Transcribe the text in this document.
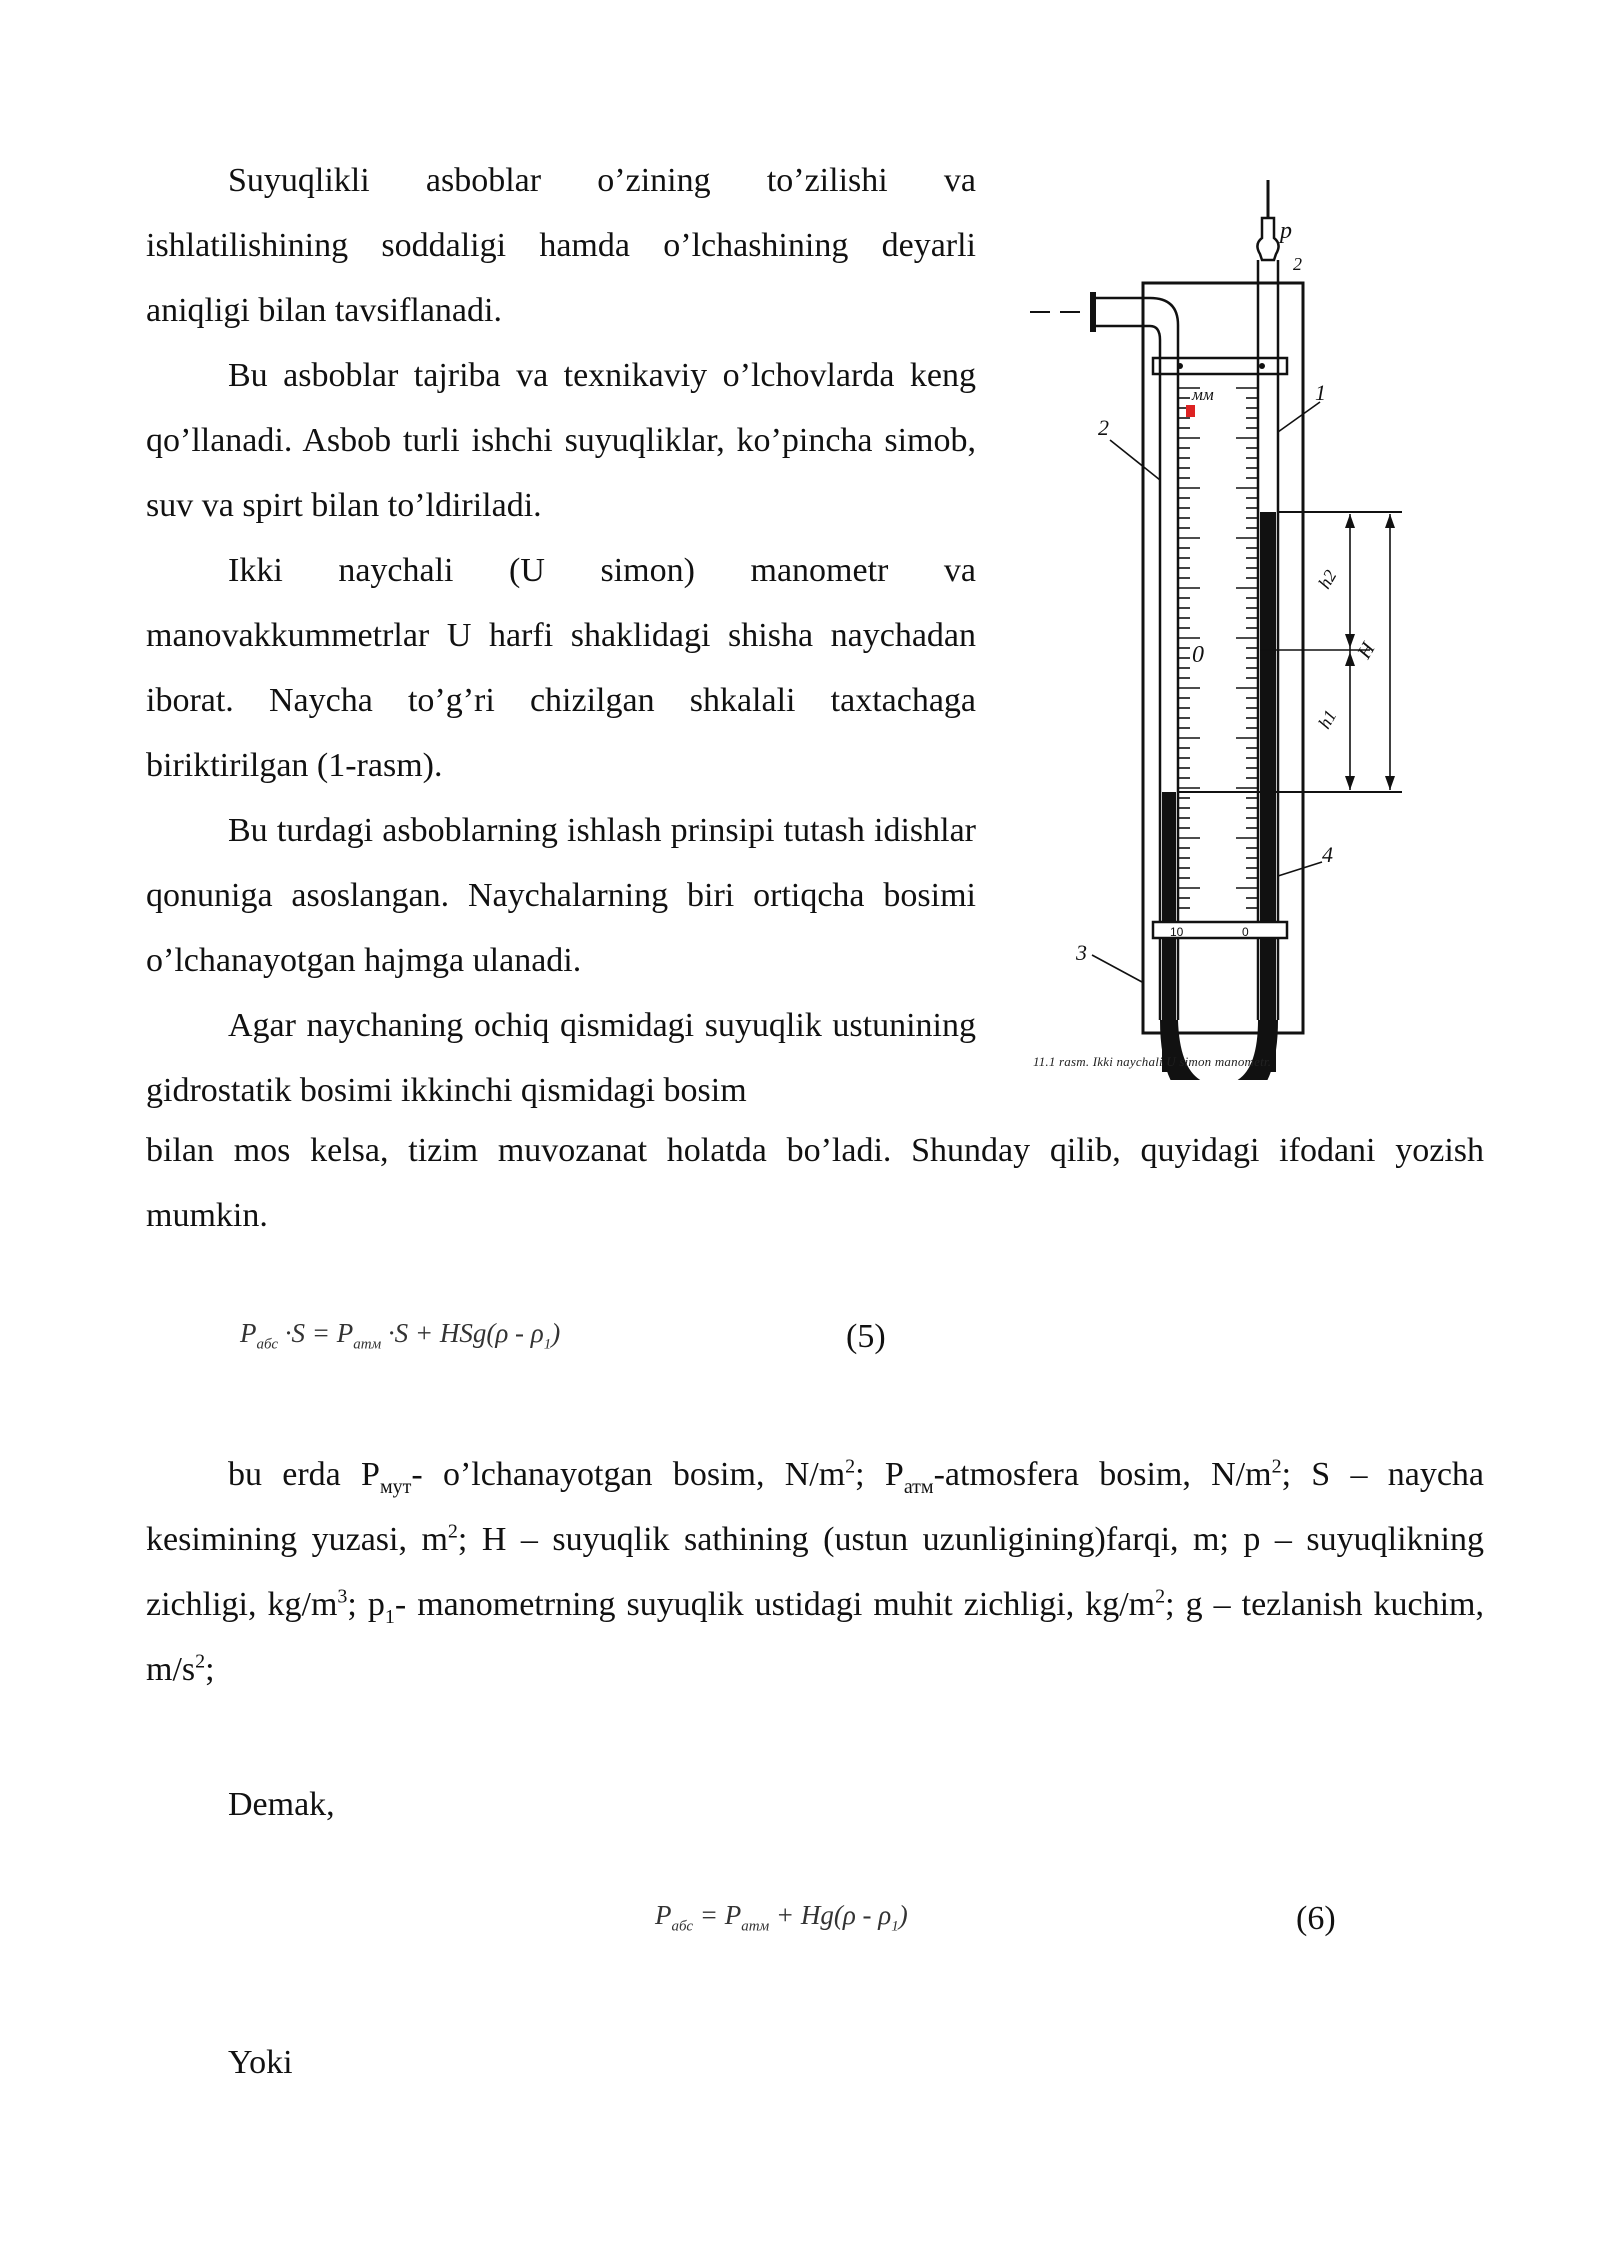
Suyuqlikli asboblar o’zining to’zilishi va ishlatilishining soddaligi hamda o’lchashining deyarli aniqligi bilan tavsiflanadi.

Bu asboblar tajriba va texnikaviy o’lchovlarda keng qo’llanadi. Asbob turli ishchi suyuqliklar, ko’pincha simob, suv va spirt bilan to’ldiriladi.

Ikki naychali (U simon) manometr va manovakkummetrlar U harfi shaklidagi shisha naychadan iborat. Naycha to’g’ri chizilgan shkalali taxtachaga biriktirilgan (1-rasm).

Bu turdagi asboblarning ishlash prinsipi tutash idishlar qonuniga asoslangan. Naychalarning biri ortiqcha bosimi o’lchanayotgan hajmga ulanadi.

Agar naychaning ochiq qismidagi suyuqlik ustunining gidrostatik bosimi ikkinchi qismidagi bosim

p
2
1
2
3
4
0
мм
h2
h1
H
10	0
11.1 rasm. Ikki naychali U simon manometr.

bilan mos kelsa, tizim muvozanat holatda bo’ladi. Shunday qilib, quyidagi ifodani yozish mumkin.

$P_{абс} \cdot S = P_{атм} \cdot S + HSg(\rho - \rho_1)$	(5)

bu erda $P_{мут}-$ o’lchanayotgan bosim, $N/m^2$; $P_{атм}$-atmosfera bosim, $N/m^2$; S – naycha kesimining yuzasi, $m^2$; H – suyuqlik sathining (ustun uzunligining)farqi, m; p – suyuqlikning zichligi, $kg/m^3$; $p_1-$ manometrning suyuqlik ustidagi muhit zichligi, $kg/m^2$; g – tezlanish kuchim, $m/s^2$;

Demak,

$P_{абс} = P_{атм} + Hg(\rho - \rho_1)$	(6)

Yoki
